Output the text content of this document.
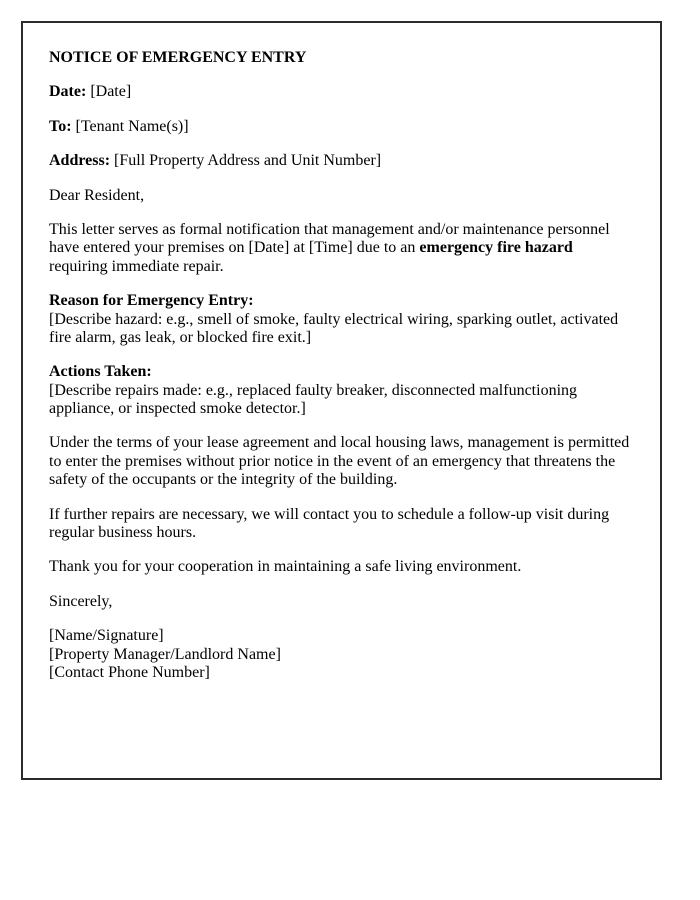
NOTICE OF EMERGENCY ENTRY

Date: [Date]

To: [Tenant Name(s)]

Address: [Full Property Address and Unit Number]

Dear Resident,

This letter serves as formal notification that management and/or maintenance personnel have entered your premises on [Date] at [Time] due to an emergency fire hazard requiring immediate repair.

Reason for Emergency Entry:
[Describe hazard: e.g., smell of smoke, faulty electrical wiring, sparking outlet, activated fire alarm, gas leak, or blocked fire exit.]
Actions Taken:
[Describe repairs made: e.g., replaced faulty breaker, disconnected malfunctioning appliance, or inspected smoke detector.]

Under the terms of your lease agreement and local housing laws, management is permitted to enter the premises without prior notice in the event of an emergency that threatens the safety of the occupants or the integrity of the building.

If further repairs are necessary, we will contact you to schedule a follow-up visit during regular business hours.

Thank you for your cooperation in maintaining a safe living environment.

Sincerely,

[Name/Signature]
[Property Manager/Landlord Name]
[Contact Phone Number]
